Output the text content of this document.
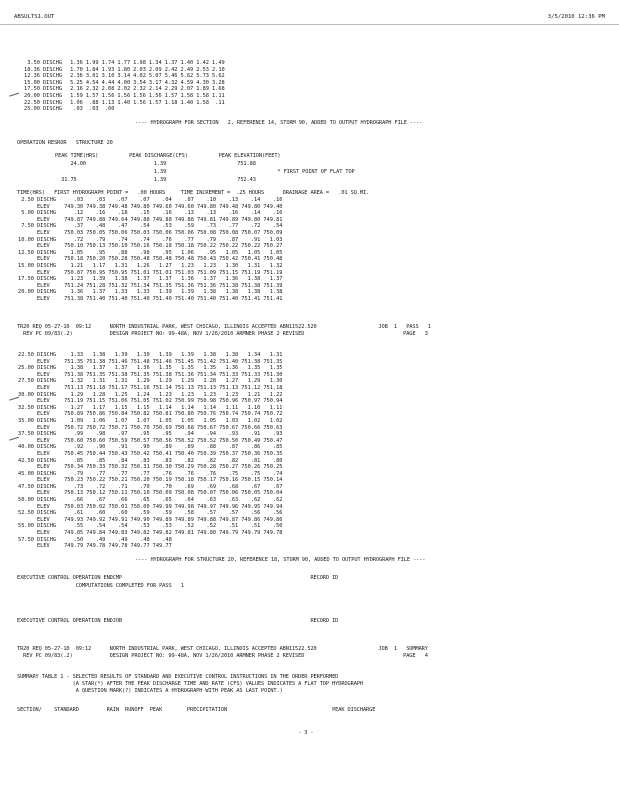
ABSULTS1.OUT	3/5/2010 12:36 PM
3.50	DISCHG	1.36	1.99	1.74	1.77	1.98	1.34	1.37	1.40	1.42	1.49
18.36	DISCHG	1.70	1.84	1.93	1.80	2.03	2.09	2.42	2.49	2.53	2.10
12.36	DISCHG	2.36	3.01	3.10	3.14	4.02	5.07	5.46	5.62	5.73	5.62
15.00	DISCHG	5.25	4.54	4.44	4.00	3.54	3.17	4.32	4.59	4.30	3.28
17.50	DISCHG	2.16	2.32	2.08	2.02	2.32	2.14	2.29	2.07	1.89	1.68
20.00	DISCHG	1.59	1.57	1.56	1.56	1.56	1.56	1.57	1.58	1.58	1.11
22.50	DISCHG	1.06	.88	1.13	1.40	1.56	1.57	1.18	1.40	1.58	.11
25.00	DISCHG	.03	.03	.00							
---- HYDROGRAPH FOR SECTION   2, REFERENCE 14, STORM 90, ADDED TO OUTPUT HYDROGRAPH FILE ----
OPERATION RESROR   STRUCTURE 20
PEAK TIME(HRS)          PEAK DISCHARGE(CFS)          PEAK ELEVATION(FEET)
24.00                      1.39                       751.88
1.39                                    * FIRST POINT OF FLAT TOP
31.75                         1.39                       752.43
TIME(HRS)   FIRST HYDROGRAPH POINT =   .00 HOURS     TIME INCREMENT =  .25 HOURS      DRAINAGE AREA =   .01 SQ.MI.
2.50	DISCHG	.03	.03	.07	.07	.04	.07	.10	.13	.14	.16
	ELEV	749.30	749.38	749.48	749.80	749.60	749.60	749.80	749.48	749.80	749.40
5.00	DISCHG	.12	.16	.18	.15	.16	.13	.13	.16	.14	.16
	ELEV	749.87	749.88	749.64	749.88	749.88	749.88	749.81	749.89	749.80	749.81
7.50	DISCHG	.37	.48	.47	.54	.53	.59	.73	.77	.72	.54
	ELEV	750.03	750.05	750.06	750.03	750.06	750.06	750.08	750.08	750.07	750.09
10.00	DISCHG	.72	.79	.74	.74	.76	.77	.79	.87	.91	1.03
	ELEV	750.10	750.13	750.10	750.16	750.18	750.18	750.22	750.22	750.22	750.27
12.50	DISCHG	1.05	.95	.88	.98	.95	1.06	.95	1.05	1.05	1.05
	ELEV	750.18	750.20	750.28	750.48	750.48	750.48	750.43	750.42	750.41	750.48
15.00	DISCHG	1.21	1.17	1.31	1.26	1.27	1.23	1.23	1.30	1.31	1.32
	ELEV	750.87	750.95	750.95	751.01	751.01	751.03	751.09	751.15	751.19	751.19
17.50	DISCHG	1.23	1.39	1.38	1.37	1.37	1.36	1.37	1.36	1.38	1.37
	ELEV	751.24	751.28	751.32	751.34	751.35	751.36	751.36	751.38	751.38	751.39
20.00	DISCHG	1.36	1.37	1.33	1.33	1.39	1.39	1.38	1.38	1.38	1.38
	ELEV	751.38	751.40	751.40	751.40	751.40	751.40	751.40	751.40	751.41	751.41
TR20 REQ 05-27-10  09:12      NORTH INDUSTRIAL PARK, WEST CHICAGO, ILLINOIS ACCEPTED ABN11522.520                    JOB  1   PASS   1
REV PC 09/83(.2)            DESIGN PROJECT NO: 99-48A, NOV 1/26/2010 ARMNER PHASE 2 REVISED                                PAGE   3
22.50	DISCHG	1.33	1.38	1.39	1.30	1.39	1.39	1.38	1.38	1.34	1.31
	ELEV	751.35	751.38	751.46	751.48	751.46	751.45	751.42	751.40	751.38	751.35
25.00	DISCHG	1.38	1.37	1.37	1.36	1.35	1.35	1.35	1.36	1.35	1.35
	ELEV	751.38	751.35	751.38	751.35	751.38	751.36	751.34	751.33	751.33	751.30
27.50	DISCHG	1.32	1.31	1.31	1.29	1.29	1.29	1.28	1.27	1.29	1.30
	ELEV	751.13	751.18	751.17	751.16	751.14	751.13	751.13	751.13	751.12	751.18
30.00	DISCHG	1.29	1.28	1.25	1.24	1.23	1.23	1.23	1.23	1.21	1.22
	ELEV	751.19	751.15	751.06	751.05	751.02	750.99	750.98	750.96	750.97	750.94
32.50	DISCHG	1.27	1.17	1.15	1.15	1.14	1.14	1.14	1.11	1.10	1.11
	ELEV	750.89	750.86	750.84	750.82	750.81	750.80	750.76	750.74	750.74	750.72
35.00	DISCHG	1.09	1.06	1.07	1.07	1.05	1.05	1.05	1.03	1.02	1.02
	ELEV	750.72	750.72	750.71	750.70	750.69	750.68	750.67	750.67	750.66	750.63
37.50	DISCHG	.99	.98	.97	.95	.95	.94	.94	.93	.91	.93
	ELEV	750.60	750.60	750.59	750.57	750.56	750.52	750.52	750.50	750.49	750.47
40.00	DISCHG	.92	.90	.91	.90	.89	.89	.88	.87	.86	.85
	ELEV	750.45	750.44	750.43	750.42	750.41	750.40	750.39	750.37	750.36	750.35
42.50	DISCHG	.85	.85	.84	.83	.83	.82	.82	.82	.81	.80
	ELEV	750.34	750.33	750.32	750.31	750.30	750.29	750.28	750.27	750.26	750.25
45.00	DISCHG	.79	.77	.77	.77	.76	.76	.76	.75	.75	.74
	ELEV	750.23	750.22	750.21	750.20	750.19	750.18	750.17	750.16	750.15	750.14
47.50	DISCHG	.73	.72	.71	.70	.70	.69	.69	.68	.67	.67
	ELEV	750.13	750.12	750.11	750.10	750.09	750.08	750.07	750.06	750.05	750.04
50.00	DISCHG	.66	.67	.66	.65	.65	.64	.63	.63	.62	.62
	ELEV	750.03	750.02	750.01	750.00	749.99	749.98	749.97	749.96	749.95	749.94
52.50	DISCHG	.61	.60	.60	.59	.59	.58	.57	.57	.56	.56
	ELEV	749.93	749.92	749.91	749.90	749.89	749.89	749.88	749.87	749.86	749.86
55.00	DISCHG	.55	.54	.54	.53	.53	.52	.52	.51	.51	.50
	ELEV	749.85	749.84	749.83	749.82	749.82	749.81	749.80	749.79	749.79	749.78
57.50	DISCHG	.50	.49	.49	.48	.48					
	ELEV	749.79	749.78	749.78	749.77	749.77					
---- HYDROGRAPH FOR STRUCTURE 20, REFERENCE 18, STORM 90, ADDED TO OUTPUT HYDROGRAPH FILE ----
EXECUTIVE CONTROL OPERATION ENDCMP                                                             RECORD ID
COMPUTATIONS COMPLETED FOR PASS   1
EXECUTIVE CONTROL OPERATION ENDJOB                                                             RECORD ID
TR20 REQ 05-27-10  09:12      NORTH INDUSTRIAL PARK, WEST CHICAGO, ILLINOIS ACCEPTED ABN11522.520                    JOB  1   SUMMARY
REV PC 09/83(.2)            DESIGN PROJECT NO: 99-48A, NOV 1/26/2010 ARMNER PHASE 2 REVISED                                PAGE   4
SUMMARY TABLE 1 - SELECTED RESULTS OF STANDARD AND EXECUTIVE CONTROL INSTRUCTIONS IN THE ORDER PERFORMED
(A STAR(*) AFTER THE PEAK DISCHARGE TIME AND RATE (CFS) VALUES INDICATES A FLAT TOP HYDROGRAPH
A QUESTION MARK(?) INDICATES A HYDROGRAPH WITH PEAK AS LAST POINT.)
SECTION/    STANDARD         RAIN  RUNOFF  PEAK        PRECIPITATION                                  PEAK DISCHARGE
- 3 -
